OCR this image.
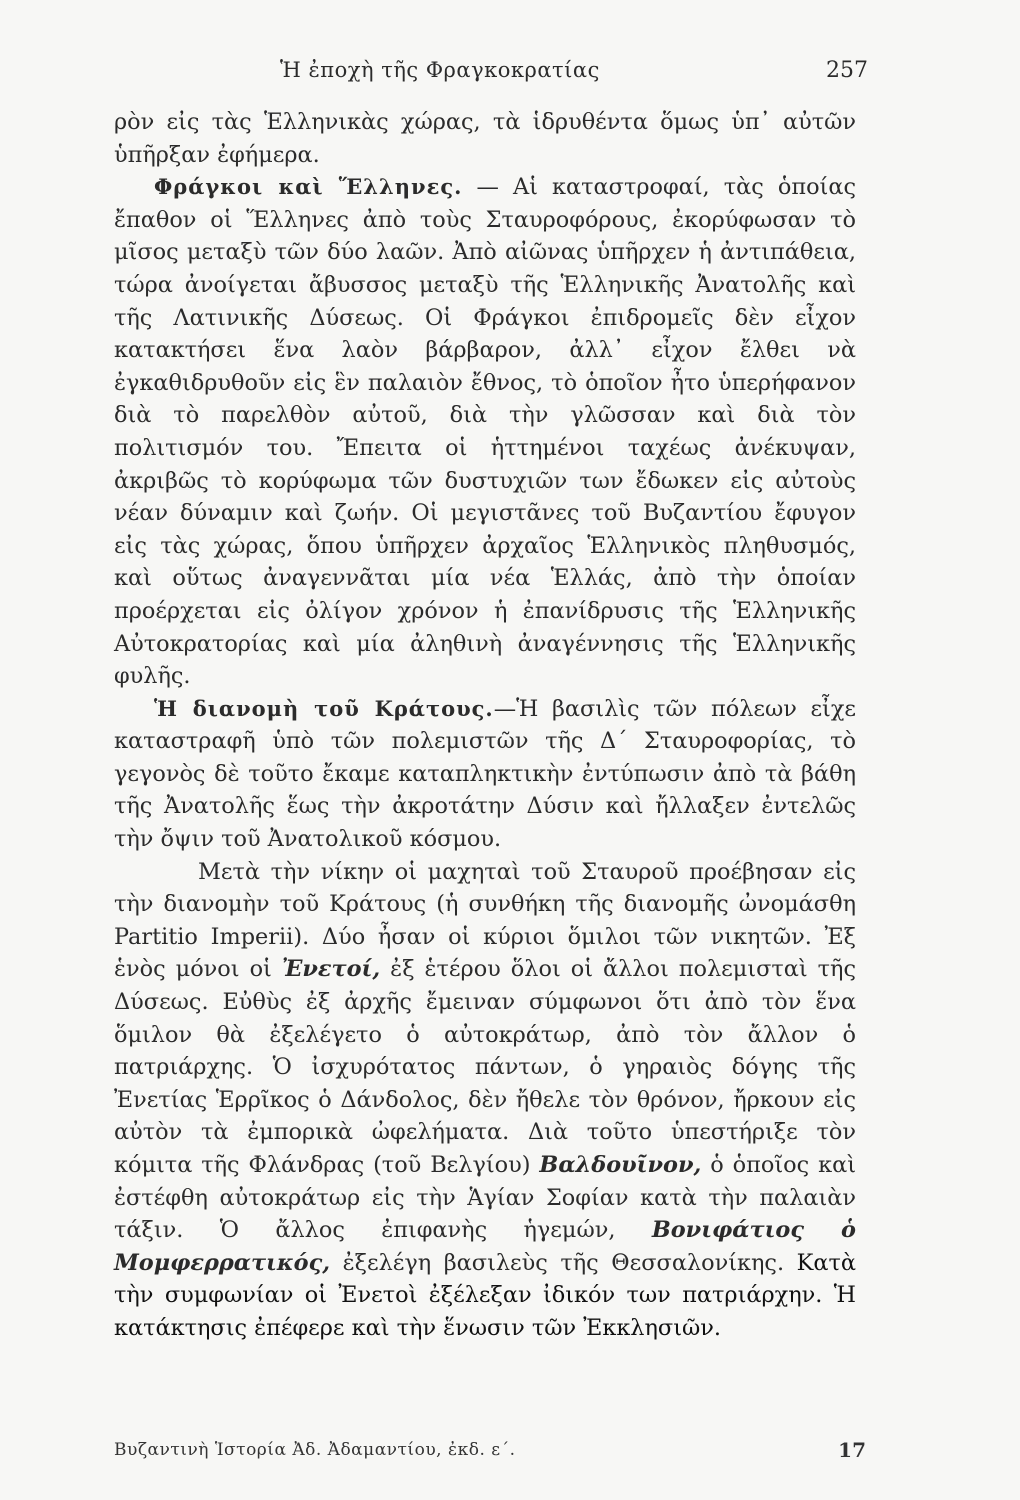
Ἡ ἐποχὴ τῆς Φραγκοκρατίας	257

ρὸν εἰς τὰς Ἑλληνικὰς χώρας, τὰ ἱδρυθέντα ὅμως ὑπ᾽ αὐτῶν ὑπῆρξαν ἐφήμερα.

Φράγκοι καὶ Ἕλληνες. — Αἱ καταστροφαί, τὰς ὁποίας ἔπαθον οἱ Ἕλληνες ἀπὸ τοὺς Σταυροφόρους, ἐκορύφωσαν τὸ μῖσος μεταξὺ τῶν δύο λαῶν. Ἀπὸ αἰῶνας ὑπῆρχεν ἡ ἀντιπάθεια, τώρα ἀνοίγεται ἄβυσσος μεταξὺ τῆς Ἑλληνικῆς Ἀνατολῆς καὶ τῆς Λατινικῆς Δύσεως. Οἱ Φράγκοι ἐπιδρομεῖς δὲν εἶχον κατακτήσει ἕνα λαὸν βάρβαρον, ἀλλ᾽ εἶχον ἔλθει νὰ ἐγκαθιδρυθοῦν εἰς ἓν παλαιὸν ἔθνος, τὸ ὁποῖον ἦτο ὑπερήφανον διὰ τὸ παρελθὸν αὐτοῦ, διὰ τὴν γλῶσσαν καὶ διὰ τὸν πολιτισμόν του. Ἔπειτα οἱ ἡττημένοι ταχέως ἀνέκυψαν, ἀκριβῶς τὸ κορύφωμα τῶν δυστυχιῶν των ἔδωκεν εἰς αὐτοὺς νέαν δύναμιν καὶ ζωήν. Οἱ μεγιστᾶνες τοῦ Βυζαντίου ἔφυγον εἰς τὰς χώρας, ὅπου ὑπῆρχεν ἀρχαῖος Ἑλληνικὸς πληθυσμός, καὶ οὕτως ἀναγεννᾶται μία νέα Ἑλλάς, ἀπὸ τὴν ὁποίαν προέρχεται εἰς ὀλίγον χρόνον ἡ ἐπανίδρυσις τῆς Ἑλληνικῆς Αὐτοκρατορίας καὶ μία ἀληθινὴ ἀναγέννησις τῆς Ἑλληνικῆς φυλῆς.

Ἡ διανομὴ τοῦ Κράτους.—Ἡ βασιλὶς τῶν πόλεων εἶχε καταστραφῆ ὑπὸ τῶν πολεμιστῶν τῆς Δ΄ Σταυροφορίας, τὸ γεγονὸς δὲ τοῦτο ἔκαμε καταπληκτικὴν ἐντύπωσιν ἀπὸ τὰ βάθη τῆς Ἀνατολῆς ἕως τὴν ἀκροτάτην Δύσιν καὶ ἤλλαξεν ἐντελῶς τὴν ὄψιν τοῦ Ἀνατολικοῦ κόσμου.

Μετὰ τὴν νίκην οἱ μαχηταὶ τοῦ Σταυροῦ προέβησαν εἰς τὴν διανομὴν τοῦ Κράτους (ἡ συνθήκη τῆς διανομῆς ὠνομάσθη Partitio Imperii). Δύο ἦσαν οἱ κύριοι ὅμιλοι τῶν νικητῶν. Ἐξ ἑνὸς μόνοι οἱ Ἐνετοί, ἐξ ἑτέρου ὅλοι οἱ ἄλλοι πολεμισταὶ τῆς Δύσεως. Εὐθὺς ἐξ ἀρχῆς ἔμειναν σύμφωνοι ὅτι ἀπὸ τὸν ἕνα ὅμιλον θὰ ἐξελέγετο ὁ αὐτοκράτωρ, ἀπὸ τὸν ἄλλον ὁ πατριάρχης. Ὁ ἰσχυρότατος πάντων, ὁ γηραιὸς δόγης τῆς Ἐνετίας Ἑρρῖκος ὁ Δάνδολος, δὲν ἤθελε τὸν θρόνον, ἤρκουν εἰς αὐτὸν τὰ ἐμπορικὰ ὠφελήματα. Διὰ τοῦτο ὑπεστήριξε τὸν κόμιτα τῆς Φλάνδρας (τοῦ Βελγίου) Βαλδουῖνον, ὁ ὁποῖος καὶ ἐστέφθη αὐτοκράτωρ εἰς τὴν Ἁγίαν Σοφίαν κατὰ τὴν παλαιὰν τάξιν. Ὁ ἄλλος ἐπιφανὴς ἡγεμών, Βονιφάτιος ὁ Μομφερρατικός, ἐξελέγη βασιλεὺς τῆς Θεσσαλονίκης. Κατὰ τὴν συμφωνίαν οἱ Ἐνετοὶ ἐξέλεξαν ἰδικόν των πατριάρχην. Ἡ κατάκτησις ἐπέφερε καὶ τὴν ἕνωσιν τῶν Ἐκκλησιῶν.

Βυζαντινὴ Ἱστορία Ἀδ. Ἀδαμαντίου, ἐκδ. ε΄.	17
